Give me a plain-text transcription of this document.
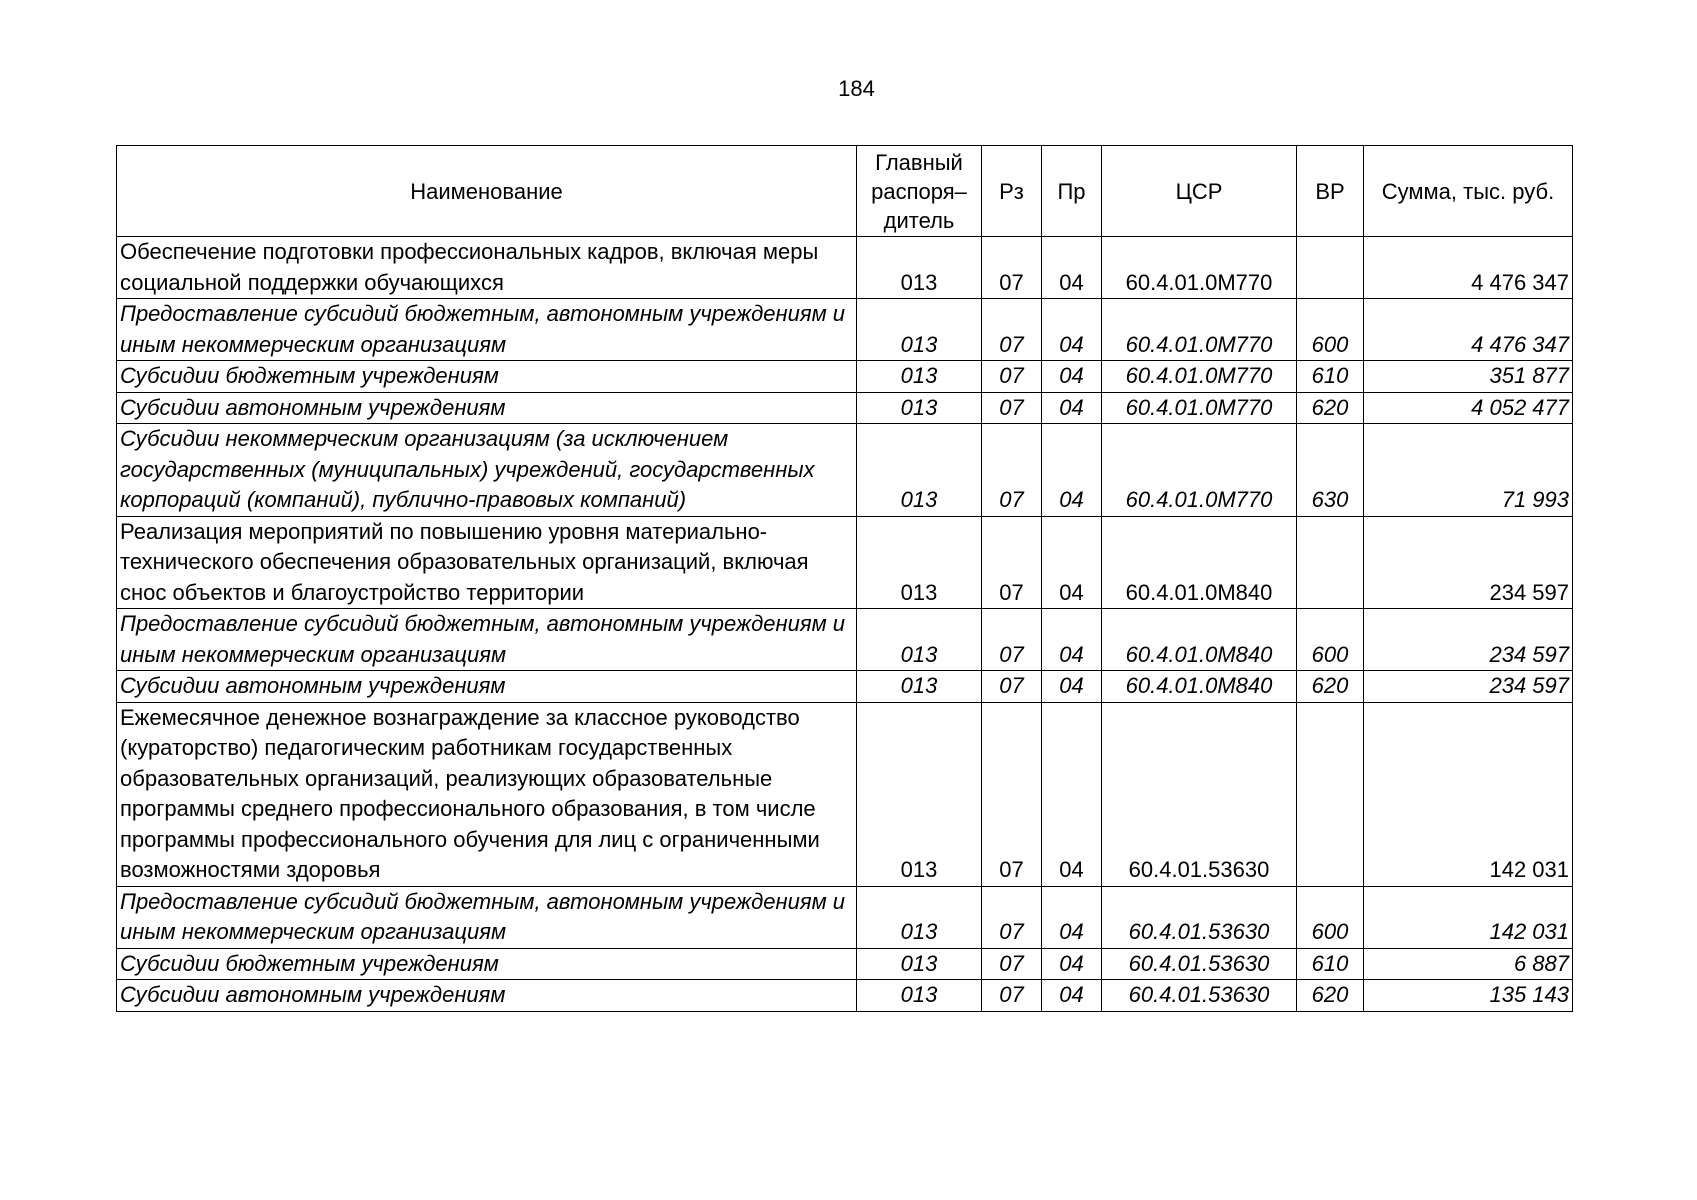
184
Наименование	Главный распоря–дитель	Рз	Пр	ЦСР	ВР	Сумма, тыс. руб.
Обеспечение подготовки профессиональных кадров, включая меры социальной поддержки обучающихся	013	07	04	60.4.01.0М770		4 476 347
Предоставление субсидий бюджетным, автономным учреждениям и иным некоммерческим организациям	013	07	04	60.4.01.0М770	600	4 476 347
Субсидии бюджетным учреждениям	013	07	04	60.4.01.0М770	610	351 877
Субсидии автономным учреждениям	013	07	04	60.4.01.0М770	620	4 052 477
Субсидии некоммерческим организациям (за исключением государственных (муниципальных) учреждений, государственных корпораций (компаний), публично-правовых компаний)	013	07	04	60.4.01.0М770	630	71 993
Реализация мероприятий по повышению уровня материально-технического обеспечения образовательных организаций, включая снос объектов и благоустройство территории	013	07	04	60.4.01.0М840		234 597
Предоставление субсидий бюджетным, автономным учреждениям и иным некоммерческим организациям	013	07	04	60.4.01.0М840	600	234 597
Субсидии автономным учреждениям	013	07	04	60.4.01.0М840	620	234 597
Ежемесячное денежное вознаграждение за классное руководство (кураторство) педагогическим работникам государственных образовательных организаций, реализующих образовательные программы среднего профессионального образования, в том числе программы профессионального обучения для лиц с ограниченными возможностями здоровья	013	07	04	60.4.01.53630		142 031
Предоставление субсидий бюджетным, автономным учреждениям и иным некоммерческим организациям	013	07	04	60.4.01.53630	600	142 031
Субсидии бюджетным учреждениям	013	07	04	60.4.01.53630	610	6 887
Субсидии автономным учреждениям	013	07	04	60.4.01.53630	620	135 143
